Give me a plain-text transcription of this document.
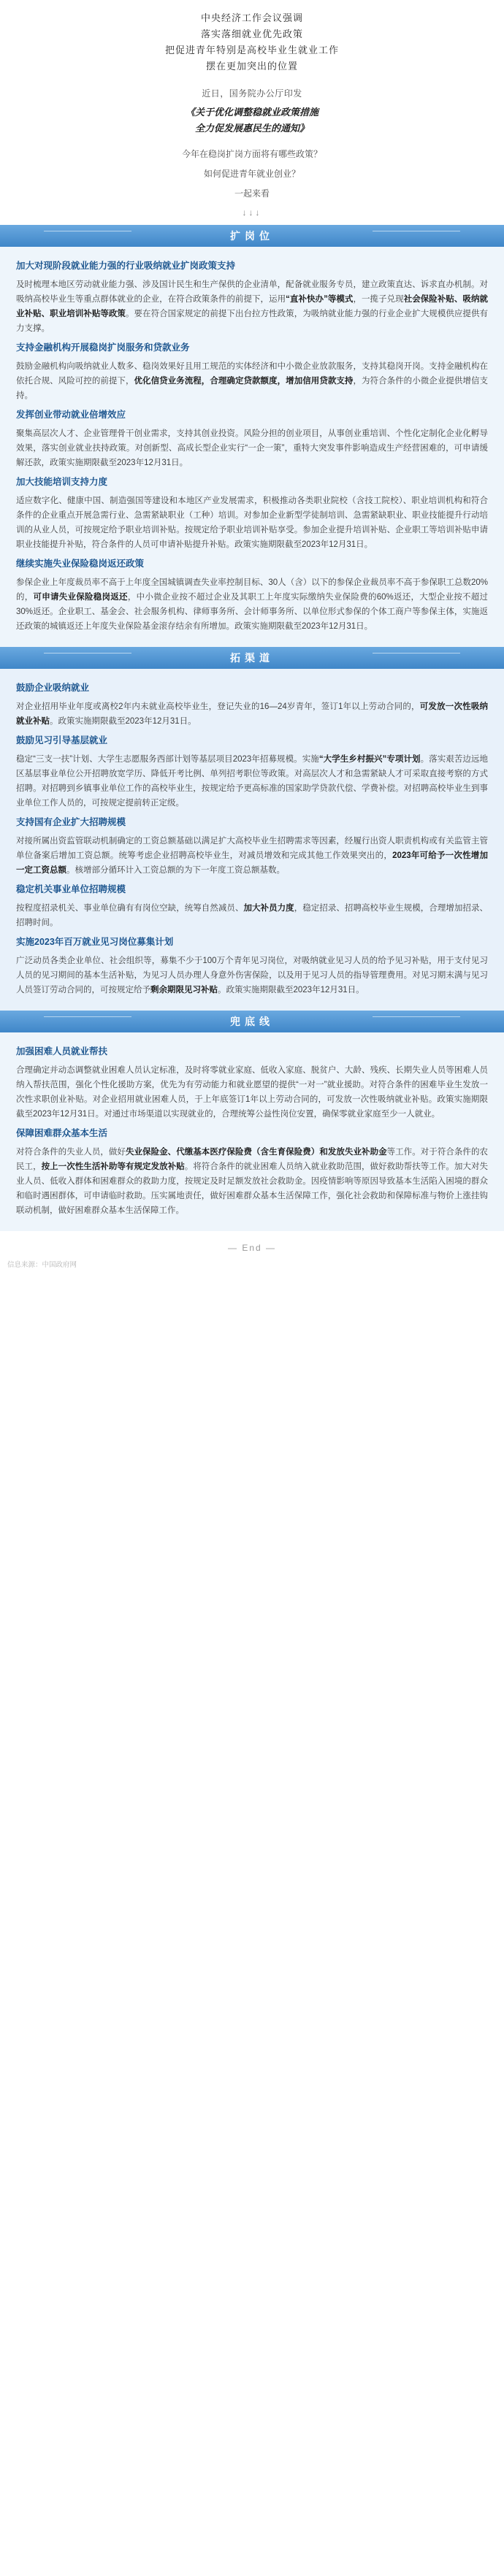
中央经济工作会议强调
落实落细就业优先政策
把促进青年特别是高校毕业生就业工作
摆在更加突出的位置
近日，国务院办公厅印发
《关于优化调整稳就业政策措施
全力促发展惠民生的通知》
今年在稳岗扩岗方面将有哪些政策？
如何促进青年就业创业？
一起来看
↓↓↓
扩岗位
加大对现阶段就业能力强的行业吸纳就业扩岗政策支持

及时梳理本地区劳动就业能力强、涉及国计民生和生产保供的企业清单，配备就业服务专员，建立政策直达、诉求直办机制。对吸纳高校毕业生等重点群体就业的企业，在符合政策条件的前提下，运用“直补快办”等模式，一揽子兑现社会保险补贴、吸纳就业补贴、职业培训补贴等政策。要在符合国家规定的前提下出台拉方性政策，为吸纳就业能力强的行业企业扩大规模供应提供有力支撑。

支持金融机构开展稳岗扩岗服务和贷款业务

鼓励金融机构向吸纳就业人数多、稳岗效果好且用工规范的实体经济和中小微企业放款服务，支持其稳岗开岗。支持金融机构在依托合规、风险可控的前提下，优化信贷业务流程，合理确定贷款额度，增加信用贷款支持，为符合条件的小微企业提供增信支持。

发挥创业带动就业倍增效应

聚集高层次人才、企业管理骨干创业需求，支持其创业投资。风险分担的创业项目，从事创业重培训、个性化定制化企业化孵导效果，落实创业就业扶持政策。对创新型、高成长型企业实行“一企一策”，重特大突发事件影响造成生产经营困难的，可申请缓解还款，政策实施期限截至2023年12月31日。

加大技能培训支持力度

适应数字化、健康中国、制造强国等建设和本地区产业发展需求，积极推动各类职业院校（含技工院校）、职业培训机构和符合条件的企业重点开展急需行业、急需紧缺职业（工种）培训。对参加企业新型学徒制培训、急需紧缺职业、职业技能提升行动培训的从业人员，可按规定给予职业培训补贴。按规定给予职业培训补贴享受。参加企业提升培训补贴、企业职工等培训补贴申请职业技能提升补贴，符合条件的人员可申请补贴提升补贴。政策实施期限截至2023年12月31日。

继续实施失业保险稳岗返还政策

参保企业上年度裁员率不高于上年度全国城镇调查失业率控制目标、30人（含）以下的参保企业裁员率不高于参保职工总数20%的，可申请失业保险稳岗返还，中小微企业按不超过企业及其职工上年度实际缴纳失业保险费的60%返还，大型企业按不超过30%返还。企业职工、基金会、社会服务机构、律师事务所、会计师事务所、以单位形式参保的个体工商户等参保主体，实施返还政策的城镇返还上年度失业保险基金滚存结余有所增加。政策实施期限截至2023年12月31日。

拓渠道
鼓励企业吸纳就业

对企业招用毕业年度或离校2年内未就业高校毕业生，登记失业的16—24岁青年，签订1年以上劳动合同的，可发放一次性吸纳就业补贴。政策实施期限截至2023年12月31日。

鼓励见习引导基层就业

稳定“三支一扶”计划、大学生志愿服务西部计划等基层项目2023年招募规模。实施“大学生乡村振兴”专项计划。落实艰苦边远地区基层事业单位公开招聘放宽学历、降低开考比例、单列招考职位等政策。对高层次人才和急需紧缺人才可采取直接考察的方式招聘。对招聘到乡镇事业单位工作的高校毕业生，按规定给予更高标准的国家助学贷款代偿、学费补偿。对招聘高校毕业生到事业单位工作人员的，可按规定提前转正定级。

支持国有企业扩大招聘规模

对接所属出资监管联动机制确定的工资总额基础以满足扩大高校毕业生招聘需求等因素，经履行出资人职责机构或有关监管主管单位备案后增加工资总额。统筹考虑企业招聘高校毕业生，对减员增效和完成其他工作效果突出的，2023年可给予一次性增加一定工资总额。核增部分循环计入工资总额的为下一年度工资总额基数。

稳定机关事业单位招聘规模

按程度招录机关、事业单位确有有岗位空缺，统筹自然减员、加大补员力度，稳定招录、招聘高校毕业生规模，合理增加招录、招聘时间。

实施2023年百万就业见习岗位募集计划

广泛动员各类企业单位、社会组织等，募集不少于100万个青年见习岗位，对吸纳就业见习人员的给予见习补贴，用于支付见习人员的见习期间的基本生活补贴，为见习人员办理人身意外伤害保险，以及用于见习人员的指导管理费用。对见习期末满与见习人员签订劳动合同的，可按规定给予剩余期限见习补贴。政策实施期限截至2023年12月31日。

兜底线
加强困难人员就业帮扶

合理确定并动态调整就业困难人员认定标准，及时将零就业家庭、低收入家庭、脱贫户、大龄、残疾、长期失业人员等困难人员纳入帮扶范围，强化个性化援助方案，优先为有劳动能力和就业愿望的提供“一对一”就业援助。对符合条件的困难毕业生发放一次性求职创业补贴。对企业招用就业困难人员，于上年底签订1年以上劳动合同的，可发放一次性吸纳就业补贴。政策实施期限截至2023年12月31日。对通过市场渠道以实现就业的，合理统筹公益性岗位安置，确保零就业家庭至少一人就业。

保障困难群众基本生活

对符合条件的失业人员，做好失业保险金、代缴基本医疗保险费（含生育保险费）和发放失业补助金等工作。对于符合条件的农民工，按上一次性生活补助等有规定发放补贴。将符合条件的就业困难人员纳入就业救助范围，做好救助帮扶等工作。加大对失业人员、低收入群体和困难群众的救助力度，按规定及时足额发放社会救助金。因疫情影响等原因导致基本生活陷入困境的群众和临时遇困群体，可申请临时救助。压实属地责任，做好困难群众基本生活保障工作，强化社会救助和保障标准与物价上涨挂钩联动机制，做好困难群众基本生活保障工作。

— End —
信息来源：中国政府网
